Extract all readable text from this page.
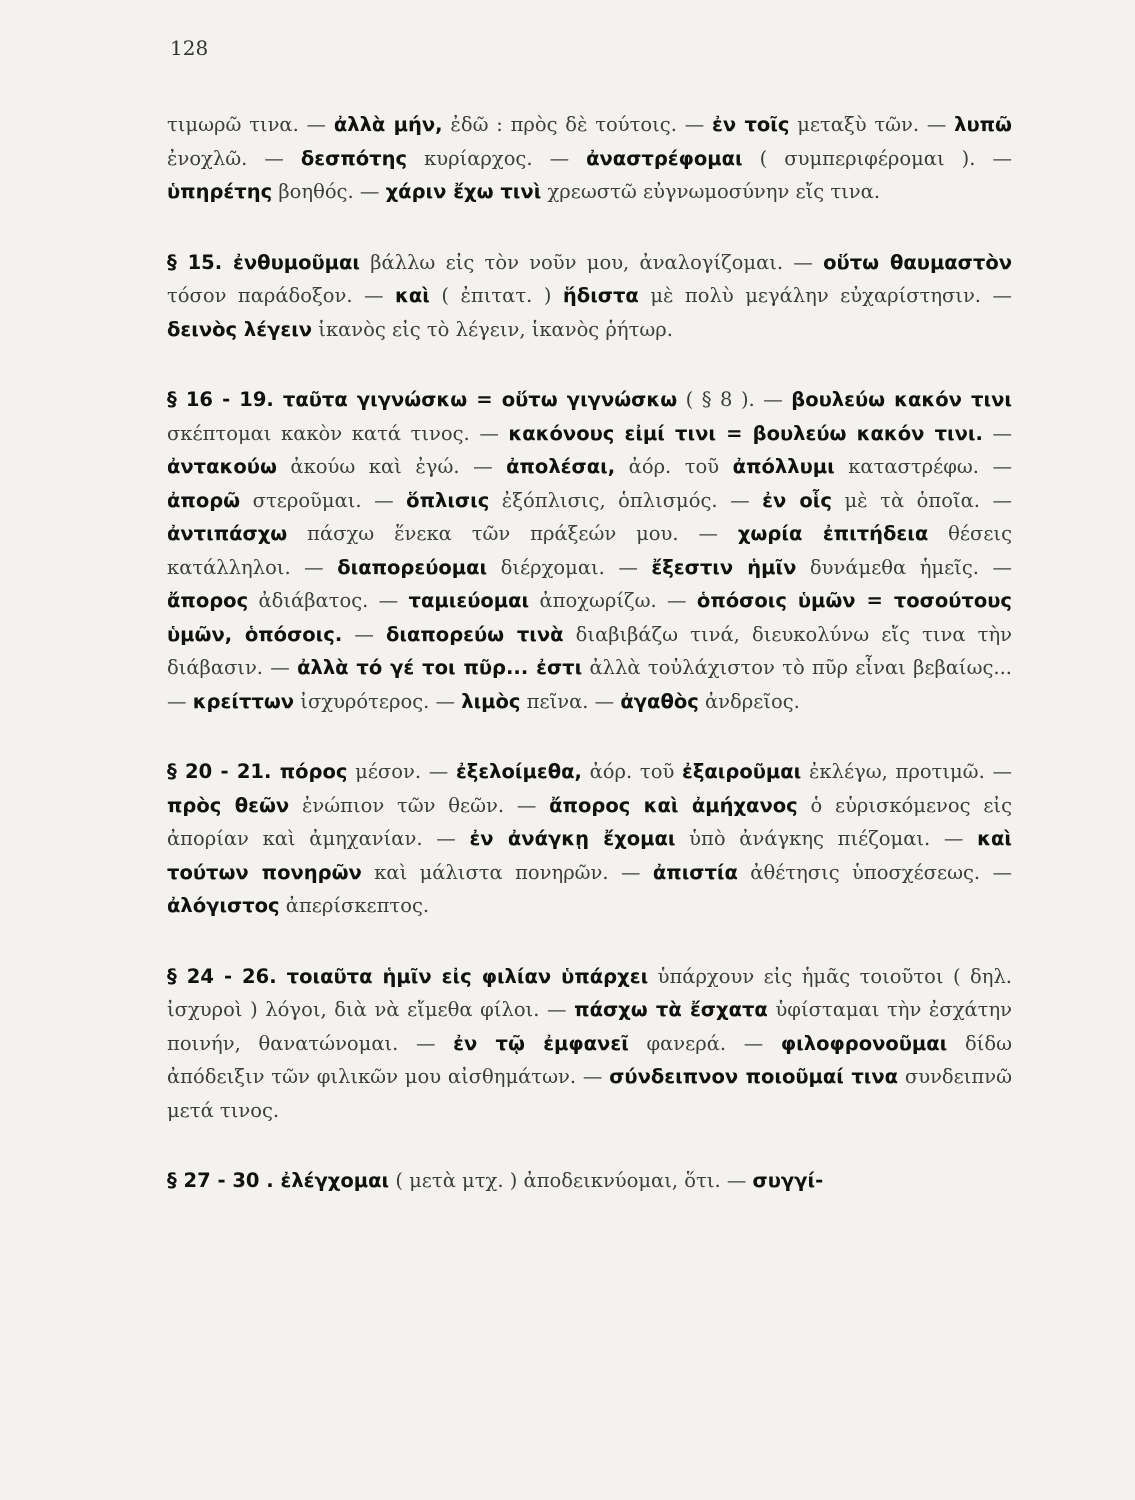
128

τιμωρῶ τινα. — ἀλλὰ μήν, ἐδῶ : πρὸς δὲ τούτοις. — ἐν τοῖς μεταξὺ τῶν. — λυπῶ ἐνοχλῶ. — δεσπότης κυρίαρχος. — ἀναστρέφομαι ( συμπεριφέρομαι ). — ὑπηρέτης βοηθός. — χάριν ἔχω τινὶ χρεωστῶ εὐγνωμοσύνην εἴς τινα.

§ 15. ἐνθυμοῦμαι βάλλω εἰς τὸν νοῦν μου, ἀναλογίζομαι. — οὕτω θαυμαστὸν τόσον παράδοξον. — καὶ ( ἐπιτατ. ) ἥδιστα μὲ πολὺ μεγάλην εὐχαρίστησιν. — δεινὸς λέγειν ἱκανὸς εἰς τὸ λέγειν, ἱκανὸς ῥήτωρ.

§ 16 - 19. ταῦτα γιγνώσκω = οὕτω γιγνώσκω ( § 8 ). — βουλεύω κακόν τινι σκέπτομαι κακὸν κατά τινος. — κακόνους εἰμί τινι = βουλεύω κακόν τινι. — ἀντακούω ἀκούω καὶ ἐγώ. — ἀπολέσαι, ἀόρ. τοῦ ἀπόλλυμι καταστρέφω. — ἀπορῶ στεροῦμαι. — ὅπλισις ἐξόπλισις, ὁπλισμός. — ἐν οἷς μὲ τὰ ὁποῖα. — ἀντιπάσχω πάσχω ἕνεκα τῶν πράξεών μου. — χωρία ἐπιτήδεια θέσεις κατάλληλοι. — διαπορεύομαι διέρχομαι. — ἔξεστιν ἡμῖν δυνάμεθα ἡμεῖς. — ἄπορος ἀδιάβατος. — ταμιεύομαι ἀποχωρίζω. — ὁπόσοις ὑμῶν = τοσούτους ὑμῶν, ὁπόσοις. — διαπορεύω τινὰ διαβιβάζω τινά, διευκολύνω εἴς τινα τὴν διάβασιν. — ἀλλὰ τό γέ τοι πῦρ... ἐστι ἀλλὰ τοὐλάχιστον τὸ πῦρ εἶναι βεβαίως... — κρείττων ἰσχυρότερος. — λιμὸς πεῖνα. — ἀγαθὸς ἀνδρεῖος.

§ 20 - 21. πόρος μέσον. — ἐξελοίμεθα, ἀόρ. τοῦ ἐξαιροῦμαι ἐκλέγω, προτιμῶ. — πρὸς θεῶν ἐνώπιον τῶν θεῶν. — ἄπορος καὶ ἀμήχανος ὁ εὑρισκόμενος εἰς ἀπορίαν καὶ ἀμηχανίαν. — ἐν ἀνάγκῃ ἔχομαι ὑπὸ ἀνάγκης πιέζομαι. — καὶ τούτων πονηρῶν καὶ μάλιστα πονηρῶν. — ἀπιστία ἀθέτησις ὑποσχέσεως. — ἀλόγιστος ἀπερίσκεπτος.

§ 24 - 26. τοιαῦτα ἡμῖν εἰς φιλίαν ὑπάρχει ὑπάρχουν εἰς ἡμᾶς τοιοῦτοι ( δηλ. ἰσχυροὶ ) λόγοι, διὰ νὰ εἴμεθα φίλοι. — πάσχω τὰ ἔσχατα ὑφίσταμαι τὴν ἐσχάτην ποινήν, θανατώνομαι. — ἐν τῷ ἐμφανεῖ φανερά. — φιλοφρονοῦμαι δίδω ἀπόδειξιν τῶν φιλικῶν μου αἰσθημάτων. — σύνδειπνον ποιοῦμαί τινα συνδειπνῶ μετά τινος.

§ 27 - 30 . ἐλέγχομαι ( μετὰ μτχ. ) ἀποδεικνύομαι, ὅτι. — συγγί-
